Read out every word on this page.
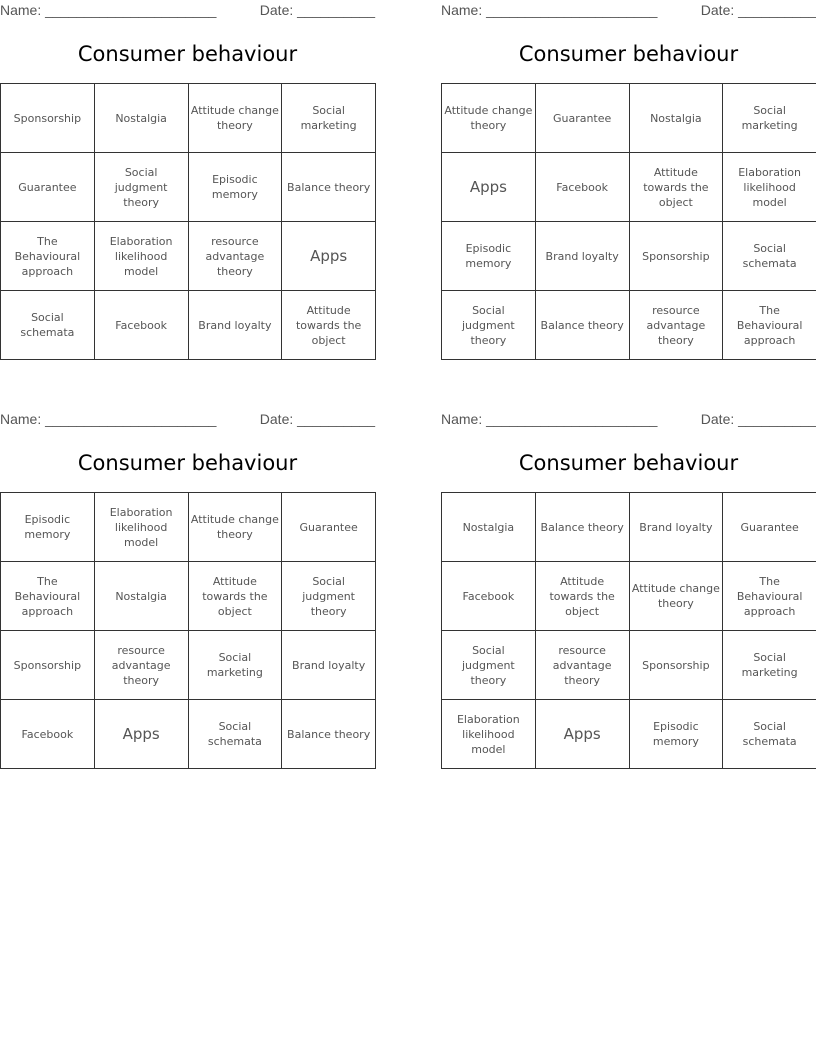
Name: ______________________	Date: __________
Consumer behaviour
Sponsorship	Nostalgia	Attitude change theory	Social marketing
Guarantee	Social judgment theory	Episodic memory	Balance theory
The Behavioural approach	Elaboration likelihood model	resource advantage theory	Apps
Social schemata	Facebook	Brand loyalty	Attitude towards the object
Name: ______________________	Date: __________
Consumer behaviour
Attitude change theory	Guarantee	Nostalgia	Social marketing
Apps	Facebook	Attitude towards the object	Elaboration likelihood model
Episodic memory	Brand loyalty	Sponsorship	Social schemata
Social judgment theory	Balance theory	resource advantage theory	The Behavioural approach
Name: ______________________	Date: __________
Consumer behaviour
Episodic memory	Elaboration likelihood model	Attitude change theory	Guarantee
The Behavioural approach	Nostalgia	Attitude towards the object	Social judgment theory
Sponsorship	resource advantage theory	Social marketing	Brand loyalty
Facebook	Apps	Social schemata	Balance theory
Name: ______________________	Date: __________
Consumer behaviour
Nostalgia	Balance theory	Brand loyalty	Guarantee
Facebook	Attitude towards the object	Attitude change theory	The Behavioural approach
Social judgment theory	resource advantage theory	Sponsorship	Social marketing
Elaboration likelihood model	Apps	Episodic memory	Social schemata
